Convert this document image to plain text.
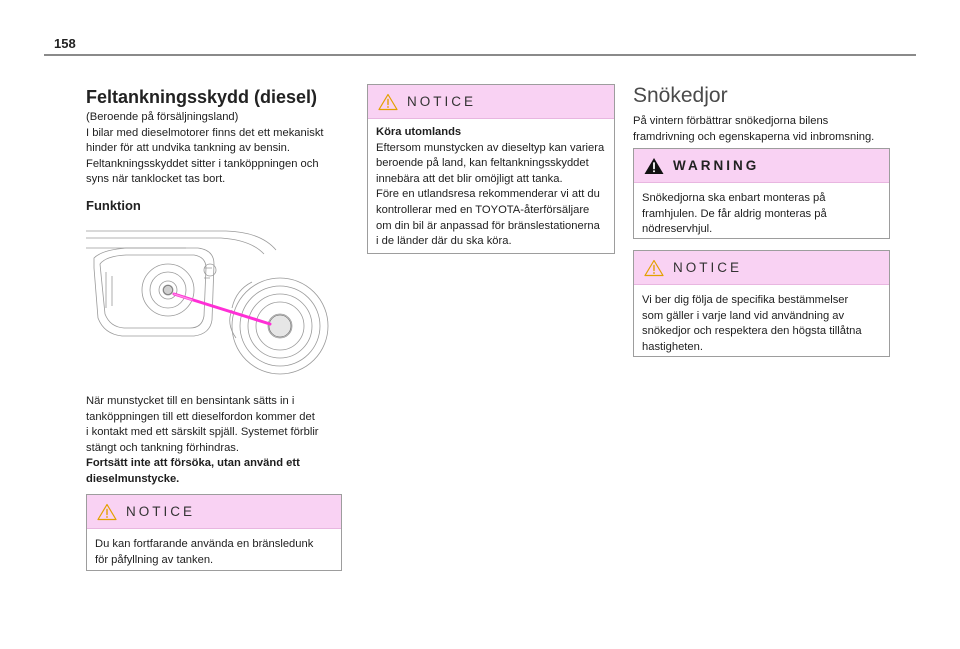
158
Feltankningsskydd (diesel)

(Beroende på försäljningsland)

I bilar med dieselmotorer finns det ett mekaniskt

hinder för att undvika tankning av bensin.

Feltankningsskyddet sitter i tanköppningen och

syns när tanklocket tas bort.

Funktion

När munstycket till en bensintank sätts in i

tanköppningen till ett dieselfordon kommer det

i kontakt med ett särskilt spjäll. Systemet förblir

stängt och tankning förhindras.

Fortsätt inte att försöka, utan använd ett

dieselmunstycke.

NOTICE

Du kan fortfarande använda en bränsledunk

för påfyllning av tanken.

NOTICE

Köra utomlands

Eftersom munstycken av dieseltyp kan variera

beroende på land, kan feltankningsskyddet

innebära att det blir omöjligt att tanka.

Före en utlandsresa rekommenderar vi att du

kontrollerar med en TOYOTA-återförsäljare

om din bil är anpassad för bränslestationerna

i de länder där du ska köra.

Snökedjor

På vintern förbättrar snökedjorna bilens

framdrivning och egenskaperna vid inbromsning.

WARNING

Snökedjorna ska enbart monteras på

framhjulen. De får aldrig monteras på

nödreservhjul.

NOTICE

Vi ber dig följa de specifika bestämmelser

som gäller i varje land vid användning av

snökedjor och respektera den högsta tillåtna

hastigheten.
